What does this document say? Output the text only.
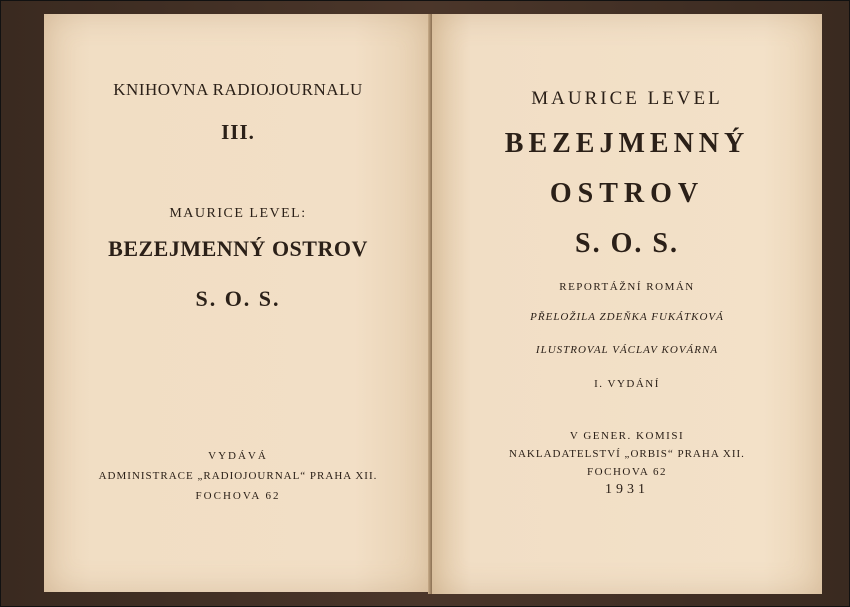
KNIHOVNA RADIOJOURNALU
III.
MAURICE LEVEL:
BEZEJMENNÝ OSTROV
S. O. S.
VYDÁVÁ
ADMINISTRACE „RADIOJOURNAL“ PRAHA XII.
FOCHOVA 62
MAURICE LEVEL
BEZEJMENNÝ
OSTROV
S. O. S.
REPORTÁŽNÍ ROMÁN
PŘELOŽILA ZDEŇKA FUKÁTKOVÁ
ILUSTROVAL VÁCLAV KOVÁRNA
I. VYDÁNÍ
V GENER. KOMISI
NAKLADATELSTVÍ „ORBIS“ PRAHA XII.
FOCHOVA 62
1931
